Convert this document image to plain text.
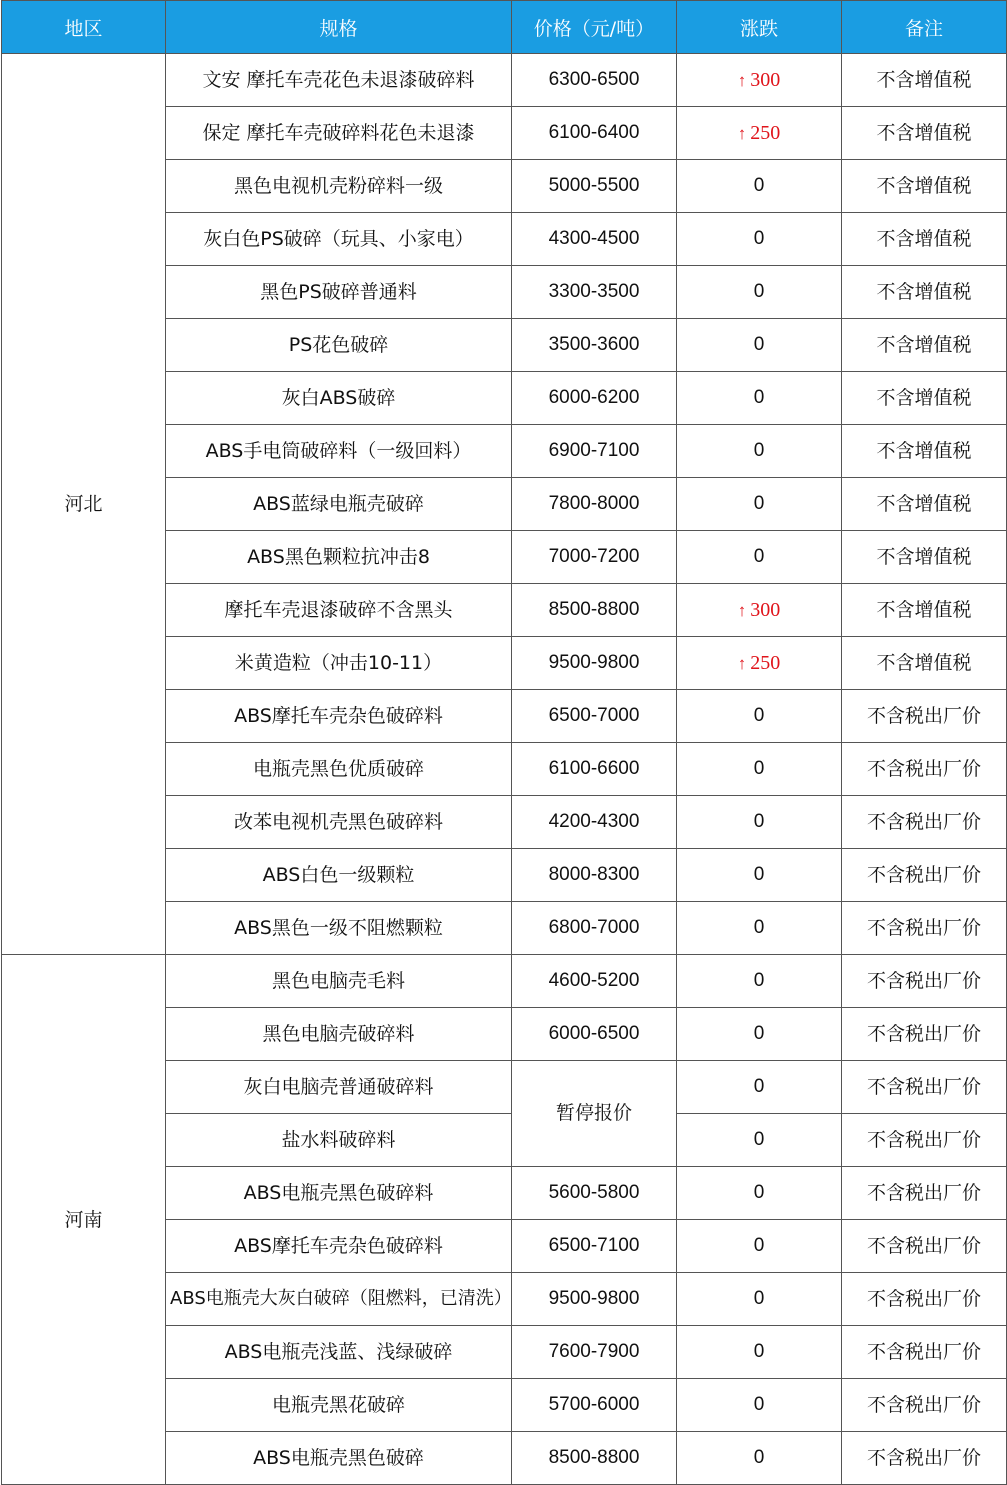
地区	规格	价格（元/吨）	涨跌	备注
河北	文安 摩托车壳花色未退漆破碎料	6300-6500	↑ 300	不含增值税
	保定 摩托车壳破碎料花色未退漆	6100-6400	↑ 250	不含增值税
	黑色电视机壳粉碎料一级	5000-5500	0	不含增值税
	灰白色PS破碎（玩具、小家电）	4300-4500	0	不含增值税
	黑色PS破碎普通料	3300-3500	0	不含增值税
	PS花色破碎	3500-3600	0	不含增值税
	灰白ABS破碎	6000-6200	0	不含增值税
	ABS手电筒破碎料（一级回料）	6900-7100	0	不含增值税
	ABS蓝绿电瓶壳破碎	7800-8000	0	不含增值税
	ABS黑色颗粒抗冲击8	7000-7200	0	不含增值税
	摩托车壳退漆破碎不含黑头	8500-8800	↑ 300	不含增值税
	米黄造粒（冲击10-11）	9500-9800	↑ 250	不含增值税
	ABS摩托车壳杂色破碎料	6500-7000	0	不含税出厂价
	电瓶壳黑色优质破碎	6100-6600	0	不含税出厂价
	改苯电视机壳黑色破碎料	4200-4300	0	不含税出厂价
	ABS白色一级颗粒	8000-8300	0	不含税出厂价
	ABS黑色一级不阻燃颗粒	6800-7000	0	不含税出厂价
河南	黑色电脑壳毛料	4600-5200	0	不含税出厂价
	黑色电脑壳破碎料	6000-6500	0	不含税出厂价
	灰白电脑壳普通破碎料	暂停报价	0	不含税出厂价
	盐水料破碎料		0	不含税出厂价
	ABS电瓶壳黑色破碎料	5600-5800	0	不含税出厂价
	ABS摩托车壳杂色破碎料	6500-7100	0	不含税出厂价
	ABS电瓶壳大灰白破碎（阻燃料，已清洗）	9500-9800	0	不含税出厂价
	ABS电瓶壳浅蓝、浅绿破碎	7600-7900	0	不含税出厂价
	电瓶壳黑花破碎	5700-6000	0	不含税出厂价
	ABS电瓶壳黑色破碎	8500-8800	0	不含税出厂价
